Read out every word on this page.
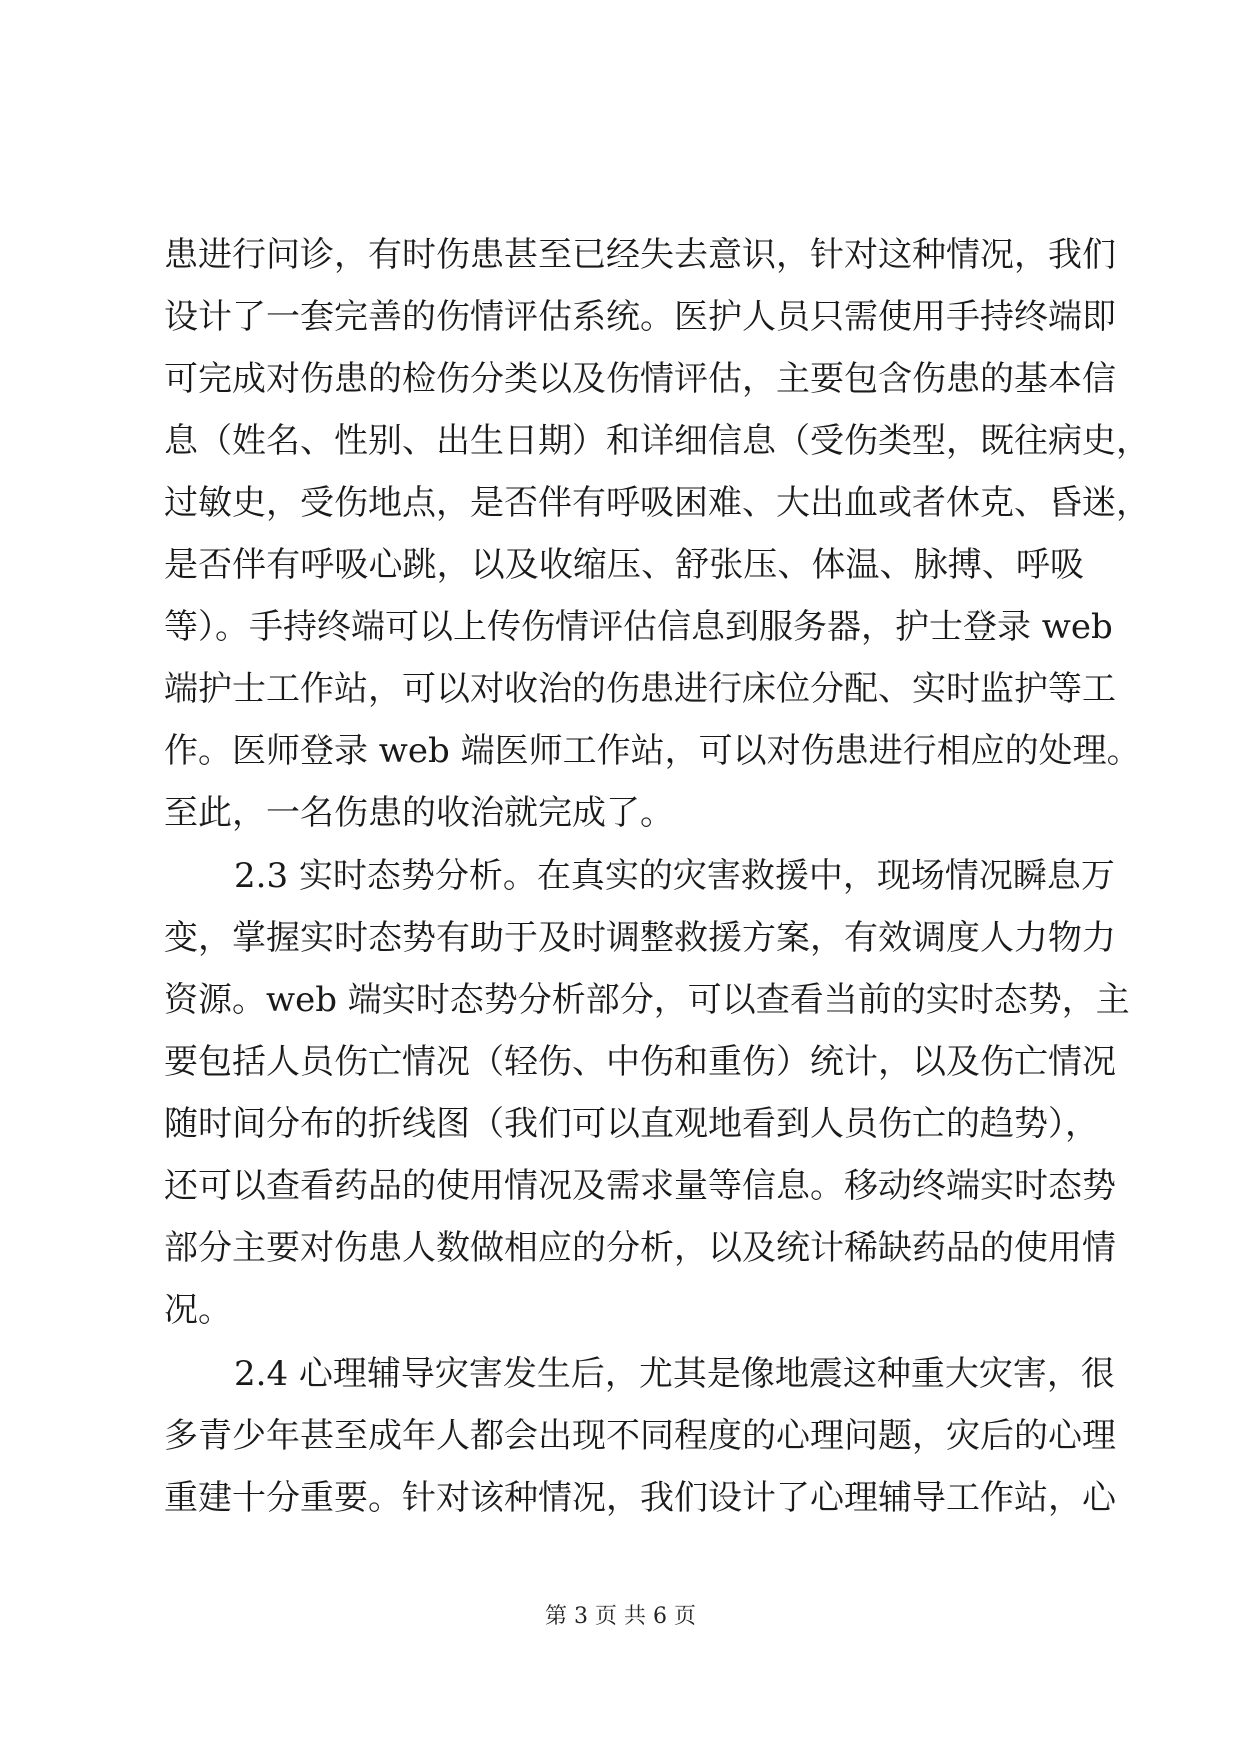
患进行问诊，有时伤患甚至已经失去意识，针对这种情况，我们
设计了一套完善的伤情评估系统。医护人员只需使用手持终端即
可完成对伤患的检伤分类以及伤情评估，主要包含伤患的基本信
息（姓名、性别、出生日期）和详细信息（受伤类型，既往病史，
过敏史，受伤地点，是否伴有呼吸困难、大出血或者休克、昏迷，
是否伴有呼吸心跳，以及收缩压、舒张压、体温、脉搏、呼吸
等）。手持终端可以上传伤情评估信息到服务器，护士登录 web
端护士工作站，可以对收治的伤患进行床位分配、实时监护等工
作。医师登录 web 端医师工作站，可以对伤患进行相应的处理。
至此，一名伤患的收治就完成了。
2.3 实时态势分析。在真实的灾害救援中，现场情况瞬息万
变，掌握实时态势有助于及时调整救援方案，有效调度人力物力
资源。web 端实时态势分析部分，可以查看当前的实时态势，主
要包括人员伤亡情况（轻伤、中伤和重伤）统计，以及伤亡情况
随时间分布的折线图（我们可以直观地看到人员伤亡的趋势），
还可以查看药品的使用情况及需求量等信息。移动终端实时态势
部分主要对伤患人数做相应的分析，以及统计稀缺药品的使用情
况。
2.4 心理辅导灾害发生后，尤其是像地震这种重大灾害，很
多青少年甚至成年人都会出现不同程度的心理问题，灾后的心理
重建十分重要。针对该种情况，我们设计了心理辅导工作站，心
第 3 页 共 6 页
